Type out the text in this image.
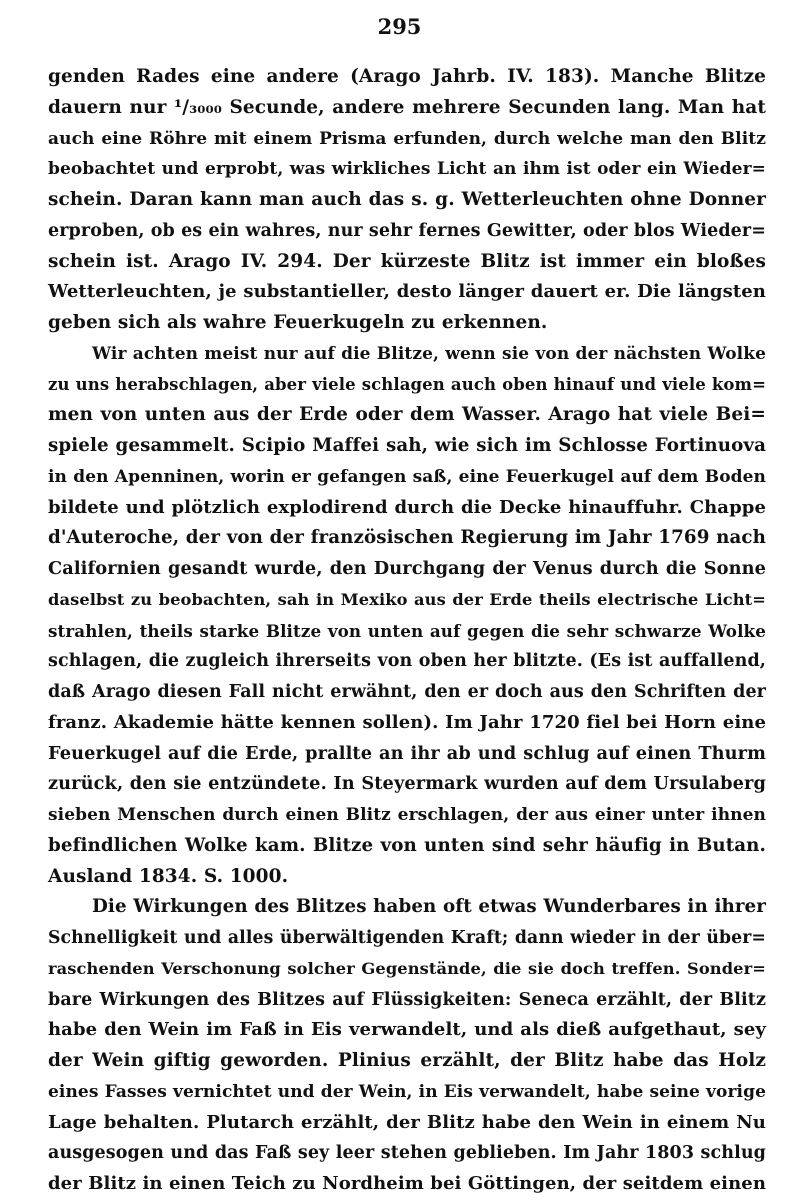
295
genden Rades eine andere (Arago Jahrb. IV. 183). Manche Blitze
dauern nur ¹/₃₀₀₀ Secunde, andere mehrere Secunden lang. Man hat
auch eine Röhre mit einem Prisma erfunden, durch welche man den Blitz
beobachtet und erprobt, was wirkliches Licht an ihm ist oder ein Wieder=
schein. Daran kann man auch das s. g. Wetterleuchten ohne Donner
erproben, ob es ein wahres, nur sehr fernes Gewitter, oder blos Wieder=
schein ist. Arago IV. 294. Der kürzeste Blitz ist immer ein bloßes
Wetterleuchten, je substantieller, desto länger dauert er. Die längsten
geben sich als wahre Feuerkugeln zu erkennen.
Wir achten meist nur auf die Blitze, wenn sie von der nächsten Wolke
zu uns herabschlagen, aber viele schlagen auch oben hinauf und viele kom=
men von unten aus der Erde oder dem Wasser. Arago hat viele Bei=
spiele gesammelt. Scipio Maffei sah, wie sich im Schlosse Fortinuova
in den Apenninen, worin er gefangen saß, eine Feuerkugel auf dem Boden
bildete und plötzlich explodirend durch die Decke hinauffuhr. Chappe
d'Auteroche, der von der französischen Regierung im Jahr 1769 nach
Californien gesandt wurde, den Durchgang der Venus durch die Sonne
daselbst zu beobachten, sah in Mexiko aus der Erde theils electrische Licht=
strahlen, theils starke Blitze von unten auf gegen die sehr schwarze Wolke
schlagen, die zugleich ihrerseits von oben her blitzte. (Es ist auffallend,
daß Arago diesen Fall nicht erwähnt, den er doch aus den Schriften der
franz. Akademie hätte kennen sollen). Im Jahr 1720 fiel bei Horn eine
Feuerkugel auf die Erde, prallte an ihr ab und schlug auf einen Thurm
zurück, den sie entzündete. In Steyermark wurden auf dem Ursulaberg
sieben Menschen durch einen Blitz erschlagen, der aus einer unter ihnen
befindlichen Wolke kam. Blitze von unten sind sehr häufig in Butan.
Ausland 1834. S. 1000.
Die Wirkungen des Blitzes haben oft etwas Wunderbares in ihrer
Schnelligkeit und alles überwältigenden Kraft; dann wieder in der über=
raschenden Verschonung solcher Gegenstände, die sie doch treffen. Sonder=
bare Wirkungen des Blitzes auf Flüssigkeiten: Seneca erzählt, der Blitz
habe den Wein im Faß in Eis verwandelt, und als dieß aufgethaut, sey
der Wein giftig geworden. Plinius erzählt, der Blitz habe das Holz
eines Fasses vernichtet und der Wein, in Eis verwandelt, habe seine vorige
Lage behalten. Plutarch erzählt, der Blitz habe den Wein in einem Nu
ausgesogen und das Faß sey leer stehen geblieben. Im Jahr 1803 schlug
der Blitz in einen Teich zu Nordheim bei Göttingen, der seitdem einen
